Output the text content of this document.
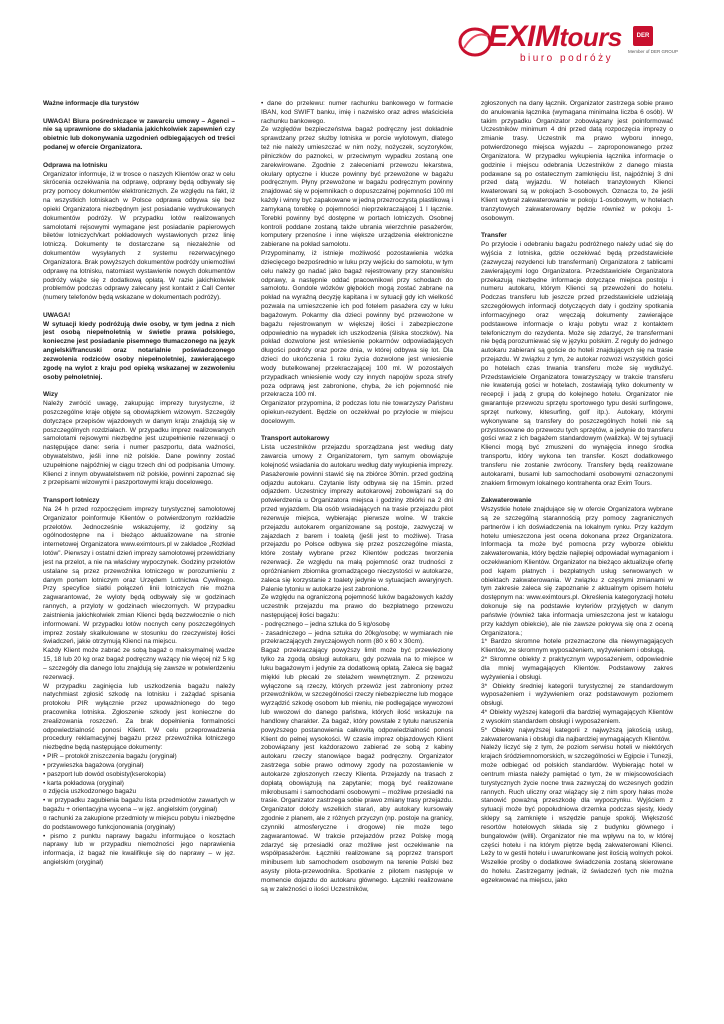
EXIMtours
biuro podróży
DER
Member of DER GROUP
Ważne informacje dla turystów

UWAGA! Biura pośredniczące w zawarciu umowy – Agenci – nie są uprawnione do składania jakichkolwiek zapewnień czy obietnic lub dokonywania uzgodnień odbiegających od treści podanej w ofercie Organizatora.

Odprawa na lotnisku

Organizator informuje, iż w trosce o naszych Klientów oraz w celu skrócenia oczekiwania na odprawę, odprawy będą odbywały się przy pomocy dokumentów elektronicznych. Ze względu na fakt, iż na wszystkich lotniskach w Polsce odprawa odbywa się bez opieki Organizatora niezbędnym jest posiadanie wydrukowanych dokumentów podróży. W przypadku lotów realizowanych samolotami rejsowymi wymagane jest posiadanie papierowych biletów lotniczych/kart pokładowych wystawionych przez linię lotniczą. Dokumenty te dostarczane są niezależnie od dokumentów wysyłanych z systemu rezerwacyjnego Organizatora. Brak powyższych dokumentów podróży uniemożliwi odprawę na lotnisku, natomiast wystawienie nowych dokumentów podróży wiąże się z dodatkową opłatą. W razie jakichkolwiek problemów podczas odprawy zalecany jest kontakt z Call Center (numery telefonów będą wskazane w dokumentach podróży).

UWAGA!

W sytuacji kiedy podróżują dwie osoby, w tym jedna z nich jest osobą niepełnoletnią w świetle prawa polskiego, konieczne jest posiadanie pisemnego tłumaczonego na język angielski/francuski oraz notarialnie poświadczonego zezwolenia rodziców osoby niepełnoletniej, zawierającego zgodę na wylot z kraju pod opieką wskazanej w zezwoleniu osoby pełnoletniej.

Wizy

Należy zwrócić uwagę, zakupując imprezy turystyczne, iż poszczególne kraje objęte są obowiązkiem wizowym. Szczegóły dotyczące przepisów wjazdowych w danym kraju znajdują się w poszczególnych rozdziałach. W przypadku imprez realizowanych samolotami rejsowymi niezbędne jest uzupełnienie rezerwacji o następujące dane: seria i numer paszportu, data ważności, obywatelstwo, jeśli inne niż polskie. Dane powinny zostać uzupełnione najpóźniej w ciągu trzech dni od podpisania Umowy. Klienci z innym obywatelstwem niż polskie, powinni zapoznać się z przepisami wizowymi i paszportowymi kraju docelowego.

Transport lotniczy

Na 24 h przed rozpoczęciem imprezy turystycznej samolotowej Organizator poinformuje Klientów o potwierdzonym rozkładzie przelotów. Jednocześnie wskazujemy, iż godziny są ogólnodostępne na i bieżąco aktualizowane na stronie internetowej Organizatora www.eximtours.pl w zakładce „Rozkład lotów”. Pierwszy i ostatni dzień imprezy samolotowej przewidziany jest na przelot, a nie na właściwy wypoczynek. Godziny przelotów ustalane są przez przewoźnika lotniczego w porozumieniu z danym portem lotniczym oraz Urzędem Lotnictwa Cywilnego. Przy specyfice siatki połączeń linii lotniczych nie można zagwarantować, że wyloty będą odbywały się w godzinach rannych, a przyloty w godzinach wieczornych. W przypadku zaistnienia jakichkolwiek zmian Klienci będą bezzwłocznie o nich informowani. W przypadku lotów nocnych ceny poszczególnych imprez zostały skalkulowane w stosunku do rzeczywistej ilości świadczeń, jakie otrzymują Klienci na miejscu.

Każdy Klient może zabrać ze sobą bagaż o maksymalnej wadze 15, 18 lub 20 kg oraz bagaż podręczny ważący nie więcej niż 5 kg – szczegóły dla danego lotu znajdują się zawsze w potwierdzeniu rezerwacji.

W przypadku zaginięcia lub uszkodzenia bagażu należy natychmiast zgłosić szkodę na lotnisku i zażądać spisania protokołu PIR wyłącznie przez upoważnionego do tego pracownika lotniska. Zgłoszenie szkody jest konieczne do zrealizowania roszczeń. Za brak dopełnienia formalności odpowiedzialność ponosi Klient. W celu przeprowadzenia procedury reklamacyjnej bagażu przez przewoźnika lotniczego niezbędne będą następujące dokumenty:

• PIR – protokół zniszczenia bagażu (oryginał)
• przywieszka bagażowa (oryginał)
• paszport lub dowód osobisty(kserokopia)
• karta pokładowa (oryginał)
¤ zdjęcia uszkodzonego bagażu
• w przypadku zagubienia bagażu lista przedmiotów zawartych w bagażu + orientacyjna wycena – w jęz. angielskim (oryginał)
¤ rachunki za zakupione przedmioty w miejscu pobytu i niezbędne do podstawowego funkcjonowania (oryginały)
• pismo z punktu naprawy bagażu informujące o kosztach naprawy lub w przypadku niemożności jego naprawienia informacja, iż bagaż nie kwalifikuje się do naprawy – w jęz. angielskim (oryginał)

• dane do przelewu: numer rachunku bankowego w formacie IBAN, kod SWIFT banku, imię i nazwisko oraz adres właściciela rachunku bankowego.

Ze względów bezpieczeństwa bagaż podręczny jest dokładnie sprawdzany przez służby lotniska w porcie wylotowym, dlatego też nie należy umieszczać w nim noży, nożyczek, scyzoryków, pilniczków do paznokci, w przeciwnym wypadku zostaną one zarekwirowane. Zgodnie z zaleceniami przewozu lekarstwa, okulary optyczne i klucze powinny być przewożone w bagażu podręcznym. Płyny przewożone w bagażu podręcznym powinny znajdować się w pojemnikach o dopuszczalnej pojemności 100 ml każdy i winny być zapakowane w jedną przezroczystą plastikową i zamykaną torebkę o pojemności nieprzekraczającej 1 l łącznie. Torebki powinny być dostępne w portach lotniczych. Osobnej kontroli poddane zostaną także ubrania wierzchnie pasażerów, komputery przenośne i inne większe urządzenia elektroniczne zabierane na pokład samolotu.

Przypominamy, iż istnieje możliwość pozostawienia wózka dziecięcego bezpośrednio w luku przy wejściu do samolotu, w tym celu należy go nadać jako bagaż rejestrowany przy stanowisku odprawy, a następnie oddać pracownikowi przy schodach do samolotu. Gondole wózków głębokich mogą zostać zabrane na pokład na wyraźną decyzję kapitana i w sytuacji gdy ich wielkość pozwala na umieszczenie ich pod fotelem pasażera czy w luku bagażowym. Pokarmy dla dzieci powinny być przewożone w bagażu rejestrowanym w większej ilości i zabezpieczone odpowiednio na wypadek ich uszkodzenia (śliska stoczków). Na pokład dozwolone jest wniesienie pokarmów odpowiadających długości podróży oraz porze dnia, w której odbywa się lot. Dla dzieci do ukończenia 1 roku życia dozwolone jest wniesienie wody butelkowanej przekraczającej 100 ml. W pozostałych przypadkach wniesienie wody czy innych napojów spoza strefy poza odprawą jest zabronione, chyba, że ich pojemność nie przekracza 100 ml.

Organizator przypomina, iż podczas lotu nie towarzyszy Państwu opiekun-rezydent. Będzie on oczekiwał po przylocie w miejscu docelowym.

Transport autokarowy

Lista uczestników przejazdu sporządzana jest według daty zawarcia umowy z Organizatorem, tym samym obowiązuje kolejność wsiadania do autokaru według daty wykupienia imprezy. Pasażerowie powinni stawić się na zbiórce 30min. przed godziną odjazdu autokaru. Czytanie listy odbywa się na 15min. przed odjazdem. Uczestnicy imprezy autokarowej zobowiązani są do potwierdzenia u Organizatora miejsca i godziny zbiórki na 2 dni przed wyjazdem. Dla osób wsiadających na trasie przejazdu pilot rezerwuje miejsca, wybierając pierwsze wolne. W trakcie przejazdu autokarem organizowane są postoje, zazwyczaj w zajazdach z barem i toaletą (jeśli jest to możliwe). Trasa przejazdu po Polsce odbywa się przez poszczególne miasta, które zostały wybrane przez Klientów podczas tworzenia rezerwacji. Ze względu na małą pojemność oraz trudności z opróżnianiem zbiornika gromadzącego nieczystości w autokarze, zaleca się korzystanie z toalety jedynie w sytuacjach awaryjnych. Palenie tytoniu w autokarze jest zabronione.

Ze względu na ograniczoną pojemność luków bagażowych każdy uczestnik przejazdu ma prawo do bezpłatnego przewozu następującej ilości bagażu:

- podręcznego – jedna sztuka do 5 kg/osobę
- zasadniczego – jedna sztuka do 20kg/osobę; w wymiarach nie przekraczających zwyczajowych norm (80 x 60 x 30cm).

Bagaż przekraczający powyższy limit może być przewieziony tylko za zgodą obsługi autokaru, gdy pozwala na to miejsce w luku bagażowym i jedynie za dodatkową opłatą. Zaleca się bagaż miękki lub plecaki ze stelażem wewnętrznym. Z przewozu wyłączone są rzeczy, których przewóz jest zabroniony przez przewoźników, w szczególności rzeczy niebezpieczne lub mogące wyrządzić szkodę osobom lub mieniu, nie podlegające wywozowi lub wwozowi do danego państwa, których ilość wskazuje na handlowy charakter. Za bagaż, który powstałe z tytułu naruszenia powyższego postanowienia całkowitą odpowiedzialność ponosi Klient do pełnej wysokości. W czasie imprez objazdowych Klient zobowiązany jest każdorazowo zabierać ze sobą z kabiny autokaru rzeczy stanowiące bagaż podręczny. Organizator zastrzega sobie prawo odmowy zgody na pozostawienie w autokarze zgłoszonych rzeczy Klienta. Przejazdy na trasach z dopłatą obowiązują na zapytanie; mogą być realizowane mikrobusami i samochodami osobowymi – możliwe przesiadki na trasie. Organizator zastrzega sobie prawo zmiany trasy przejazdu. Organizator dołoży wszelkich starań, aby autokary kursowały zgodnie z planem, ale z różnych przyczyn (np. postoje na granicy, czynniki atmosferyczne i drogowe) nie może tego zagwarantować. W trakcie przejazdów przez Polskę mogą zdarzyć się przesiadki oraz możliwe jest oczekiwanie na współpasażerów. Łączniki realizowane są poprzez transport minibusem lub samochodem osobowym na terenie Polski bez asysty pilota-przewodnika. Spotkanie z pilotem następuje w momencie dojazdu do autokaru głównego. Łączniki realizowane są w zależności o ilości Uczestników,

zgłoszonych na dany łącznik. Organizator zastrzega sobie prawo do anulowania łącznika (wymagana minimalna liczba 6 osób). W takim przypadku Organizator zobowiązany jest poinformować Uczestników minimum 4 dni przed datą rozpoczęcia imprezy o zmianie trasy. Uczestnik ma prawo wyboru innego, potwierdzonego miejsca wyjazdu – zaproponowanego przez Organizatora. W przypadku wykupienia łącznika informacje o godzinie i miejscu odebrania Uczestników z danego miasta podawane są po ostatecznym zamknięciu list, najpóźniej 3 dni przed datą wyjazdu. W hotelach tranzytowych Klienci kwaterowani są w pokojach 3-osobowych. Oznacza to, że jeśli Klient wybrał zakwaterowanie w pokoju 1-osobowym, w hotelach tranzytowych zakwaterowany będzie również w pokoju 1-osobowym.

Transfer

Po przylocie i odebraniu bagażu podróżnego należy udać się do wyjścia z lotniska, gdzie oczekiwać będą przedstawiciele (zazwyczaj rezydenci lub transfermani) Organizatora z tablicami zawierającymi logo Organizatora. Przedstawiciele Organizatora przekazują niezbędne informacje dotyczące miejsca postoju i numeru autokaru, którym Klienci są przewożeni do hotelu. Podczas transferu lub jeszcze przed przedstawiciele udzielają szczegółowych informacji dotyczących daty i godziny spotkania informacyjnego oraz wręczają dokumenty zawierające podstawowe informacje o kraju pobytu wraz z kontaktem telefonicznym do rezydenta. Może się zdarzyć, że transfermani nie będą porozumiewać się w języku polskim. Z reguły do jednego autokaru zabierani są goście do hoteli znajdujących się na trasie przejazdu. W związku z tym, że autokar rozwozi wszystkich gości po hotelach czas trwania transferu może się wydłużyć. Przedstawiciele Organizatora towarzyszący w trakcie transferu nie kwaterują gości w hotelach, zostawiają tylko dokumenty w recepcji i jadą z grupą do kolejnego hotelu. Organizator nie gwarantuje przewozu sprzętu sportowego typu deski surfingowe, sprzęt nurkowy, kitesurfing, golf itp.). Autokary, którymi wykonywane są transfery do poszczególnych hoteli nie są przystosowane do przewozu tych sprzętów, a jedynie do transferu gości wraz z ich bagażem standardowym (walizka). W tej sytuacji Klienci mogą być zmuszeni do wynajęcia innego środka transportu, który wykona ten transfer. Koszt dodatkowego transferu nie zostanie zwrócony. Transfery będą realizowane autokarami, busami lub samochodami osobowymi oznaczonymi znakiem firmowym lokalnego kontrahenta oraz Exim Tours.

Zakwaterowanie

Wszystkie hotele znajdujące się w ofercie Organizatora wybrane są ze szczególną starannością przy pomocy zagranicznych partnerów i ich doświadczenia na lokalnym rynku. Przy każdym hotelu umieszczona jest ocena dokonana przez Organizatora. Informacja ta może być pomocna przy wyborze obiektu zakwaterowania, który będzie najlepiej odpowiadał wymaganiom i oczekiwaniom Klientów. Organizator na bieżąco aktualizuje ofertę pod kątem płatnych i bezpłatnych usług serwowanych w obiektach zakwaterowania. W związku z częstymi zmianami w tym zakresie zaleca się zapoznanie z aktualnym opisem hotelu dostępnym na: www.eximtours.pl. Określenia kategoryzacji hotelu dokonuje się na podstawie kryteriów przyjętych w danym państwie (również taka informacja umieszczona jest w katalogu przy każdym obiekcie), ale nie zawsze pokrywa się ona z oceną Organizatora.;

1* Bardzo skromne hotele przeznaczone dla niewymagających Klientów, ze skromnym wyposażeniem, wyżywieniem i obsługą.
2* Skromne obiekty z praktycznym wyposażeniem, odpowiednie dla mniej wymagających Klientów. Podstawowy zakres wyżywienia i obsługi.
3* Obiekty średniej kategorii turystycznej ze standardowym wyposażeniem i wyżywieniem oraz podstawowym poziomem obsługi.
4* Obiekty wyższej kategorii dla bardziej wymagających Klientów z wysokim standardem obsługi i wyposażeniem.
5* Obiekty najwyższej kategorii z najwyższą jakością usług, zakwaterowania i obsługi dla najbardziej wymagających Klientów.

Należy liczyć się z tym, że poziom serwisu hoteli w niektórych krajach śródziemnomorskich, w szczególności w Egipcie i Tunezji, może odbiegać od polskich standardów. Wybierając hotel w centrum miasta należy pamiętać o tym, że w miejscowościach turystycznych życie nocne trwa zazwyczaj do wczesnych godzin rannych. Ruch uliczny oraz wiążący się z nim spory hałas może stanowić poważną przeszkodę dla wypoczynku. Wyjściem z sytuacji może być popołudniowa drzemka podczas sjesty, kiedy sklepy są zamknięte i wszędzie panuje spokój. Większość resortów hotelowych składa się z budynku głównego i bungalowów (willi). Organizator nie ma wpływu na to, w której części hotelu i na którym piętrze będą zakwaterowani Klienci. Leży to w gestii hotelu i uwarunkowane jest ilością wolnych pokoi. Wszelkie prośby o dodatkowe świadczenia zostaną skierowane do hotelu. Zastrzegamy jednak, iż świadczeń tych nie można egzekwować na miejscu, jako
